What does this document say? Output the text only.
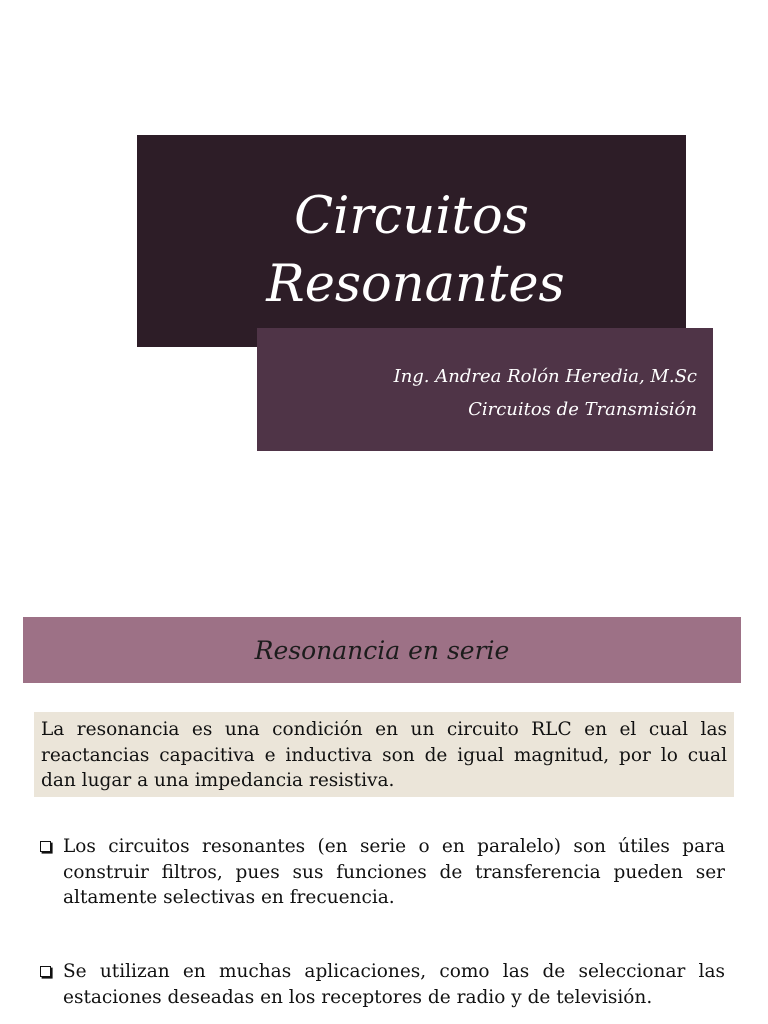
Circuitos
Resonantes
Ing. Andrea Rolón Heredia, M.Sc
Circuitos de Transmisión
Resonancia en serie

La resonancia es una condición en un circuito RLC en el cual las reactancias capacitiva e inductiva son de igual magnitud, por lo cual dan lugar a una impedancia resistiva.

Los circuitos resonantes (en serie o en paralelo) son útiles para construir filtros, pues sus funciones de transferencia pueden ser altamente selectivas en frecuencia.

Se utilizan en muchas aplicaciones, como las de seleccionar las estaciones deseadas en los receptores de radio y de televisión.
